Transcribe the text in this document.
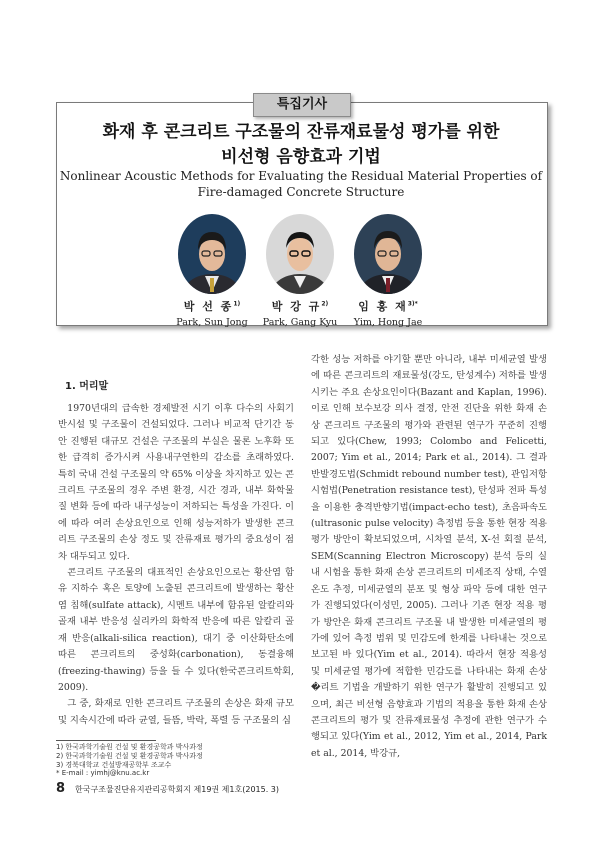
특집기사
화재 후 콘크리트 구조물의 잔류재료물성 평가를 위한
비선형 음향효과 기법
Nonlinear Acoustic Methods for Evaluating the Residual Material Properties of
Fire-damaged Concrete Structure
박 선 종$^{1)}$
Park, Sun Jong
박 강 규$^{2)}$
Park, Gang Kyu
임 홍 재$^{3)*}$
Yim, Hong Jae
1. 머리말

1970년대의 급속한 경제발전 시기 이후 다수의 사회기반시설 및 구조물이 건설되었다. 그러나 비교적 단기간 동안 진행된 대규모 건설은 구조물의 부실은 물론 노후화 또한 급격히 증가시켜 사용내구연한의 감소를 초래하였다. 특히 국내 건설 구조물의 약 65% 이상을 차지하고 있는 콘크리트 구조물의 경우 주변 환경, 시간 경과, 내부 화학물질 변화 등에 따라 내구성능이 저하되는 특성을 가진다. 이에 따라 여러 손상요인으로 인해 성능저하가 발생한 콘크리트 구조물의 손상 정도 및 잔류재료 평가의 중요성이 점차 대두되고 있다.

콘크리트 구조물의 대표적인 손상요인으로는 황산염 함유 지하수 혹은 토양에 노출된 콘크리트에 발생하는 황산염 침해(sulfate attack), 시멘트 내부에 함유된 알칼리와 골재 내부 반응성 실리카의 화학적 반응에 따른 알칼리 골재 반응(alkali-silica reaction), 대기 중 이산화탄소에 따른 콘크리트의 중성화(carbonation), 동결융해(freezing-thawing) 등을 들 수 있다(한국콘크리트학회, 2009).

그 중, 화재로 인한 콘크리트 구조물의 손상은 화재 규모 및 지속시간에 따라 균열, 들뜸, 박락, 폭렬 등 구조물의 심

각한 성능 저하를 야기할 뿐만 아니라, 내부 미세균열 발생에 따른 콘크리트의 재료물성(강도, 탄성계수) 저하를 발생시키는 주요 손상요인이다(Bazant and Kaplan, 1996). 이로 인해 보수보강 의사 결정, 안전 진단을 위한 화재 손상 콘크리트 구조물의 평가와 관련된 연구가 꾸준히 진행되고 있다(Chew, 1993; Colombo and Felicetti, 2007; Yim et al., 2014; Park et al., 2014). 그 결과 반발경도법(Schmidt rebound number test), 관입저항시험법(Penetration resistance test), 탄성파 전파 특성을 이용한 충격반향기법(impact-echo test), 초음파속도(ultrasonic pulse velocity) 측정법 등을 통한 현장 적용 평가 방안이 확보되었으며, 시차열 분석, X-선 회절 분석, SEM(Scanning Electron Microscopy) 분석 등의 실내 시험을 통한 화재 손상 콘크리트의 미세조직 상태, 수열온도 추정, 미세균열의 분포 및 형상 파악 등에 대한 연구가 진행되었다(이성민, 2005). 그러나 기존 현장 적용 평가 방안은 화재 콘크리트 구조물 내 발생한 미세균열의 평가에 있어 측정 범위 및 민감도에 한계를 나타내는 것으로 보고된 바 있다(Yim et al., 2014). 따라서 현장 적용성 및 미세균열 평가에 적합한 민감도를 나타내는 화재 손상 �리트 기법을 개발하기 위한 연구가 활발히 진행되고 있으며, 최근 비선형 음향효과 기법의 적용을 통한 화재 손상 콘크리트의 평가 및 잔류재료물성 추정에 관한 연구가 수행되고 있다(Yim et al., 2012, Yim et al., 2014, Park et al., 2014, 박강규,

1) 한국과학기술원 건설 및 환경공학과 박사과정
2) 한국과학기술원 건설 및 환경공학과 박사과정
3) 경북대학교 건설방재공학부 조교수
* E-mail : yimhj@knu.ac.kr
8 한국구조물진단유지관리공학회지 제19권 제1호(2015. 3)
